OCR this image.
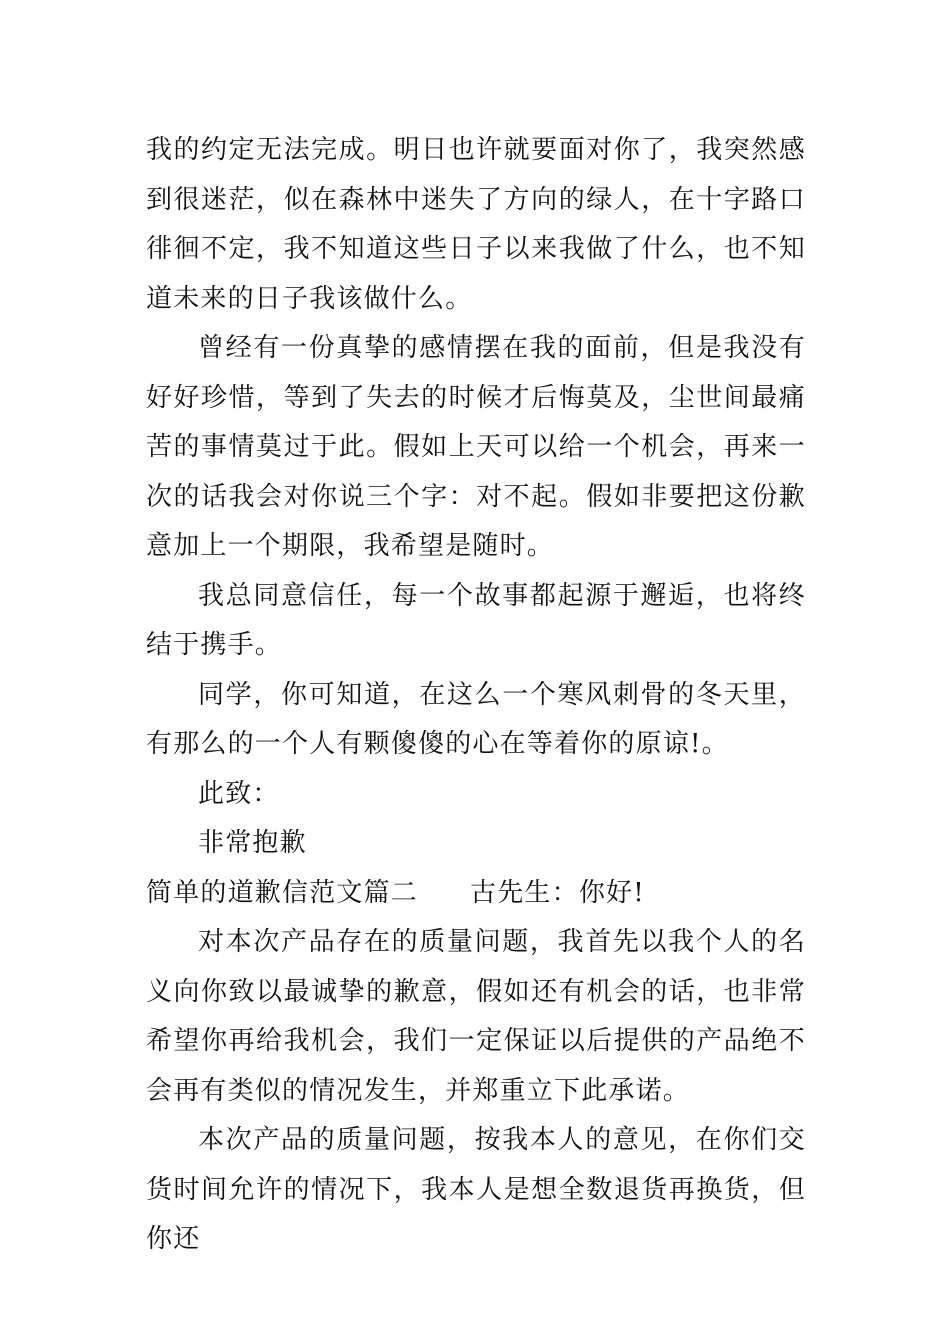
我的约定无法完成。明日也许就要面对你了，我突然感到很迷茫，似在森林中迷失了方向的绿人，在十字路口徘徊不定，我不知道这些日子以来我做了什么，也不知道未来的日子我该做什么。

曾经有一份真挚的感情摆在我的面前，但是我没有好好珍惜，等到了失去的时候才后悔莫及，尘世间最痛苦的事情莫过于此。假如上天可以给一个机会，再来一次的话我会对你说三个字：对不起。假如非要把这份歉意加上一个期限，我希望是随时。

我总同意信任，每一个故事都起源于邂逅，也将终结于携手。

同学，你可知道，在这么一个寒风刺骨的冬天里，有那么的一个人有颗傻傻的心在等着你的原谅!。

此致：

非常抱歉

简单的道歉信范文篇二 古先生：你好!

对本次产品存在的质量问题，我首先以我个人的名义向你致以最诚挚的歉意，假如还有机会的话，也非常希望你再给我机会，我们一定保证以后提供的产品绝不会再有类似的情况发生，并郑重立下此承诺。

本次产品的质量问题，按我本人的意见，在你们交货时间允许的情况下，我本人是想全数退货再换货，但你还
